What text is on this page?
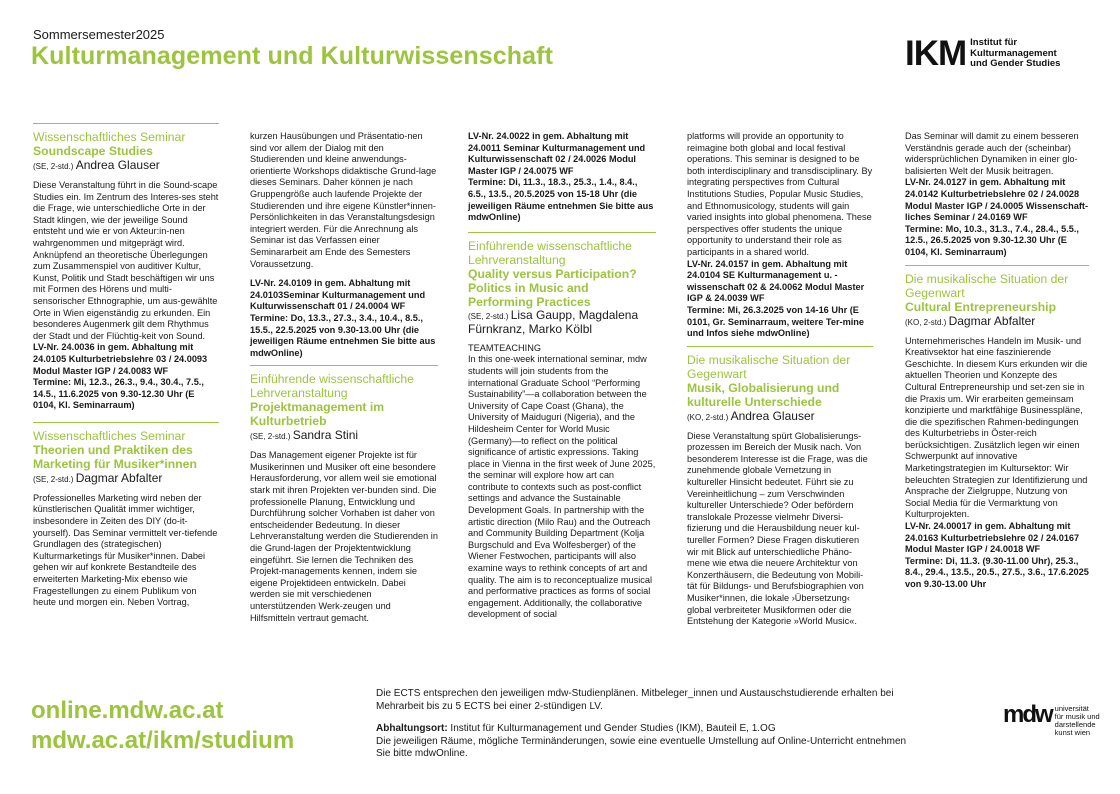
Sommersemester2025
Kulturmanagement und Kulturwissenschaft	IKM Institut für
Kulturmanagement
und Gender Studies
Wissenschaftliches Seminar
Soundscape Studies
(SE, 2-std.) Andrea Glauser

Diese Veranstaltung führt in die Sound-scape Studies ein. Im Zentrum des Interes-ses steht die Frage, wie unterschiedliche Orte in der Stadt klingen, wie der jeweilige Sound entsteht und wie er von Akteur:in-nen wahrgenommen und mitgeprägt wird. Anknüpfend an theoretische Überlegungen zum Zusammenspiel von auditiver Kultur, Kunst, Politik und Stadt beschäftigen wir uns mit Formen des Hörens und multi-sensorischer Ethnographie, um aus-gewählte Orte in Wien eigenständig zu erkunden. Ein besonderes Augenmerk gilt dem Rhythmus der Stadt und der Flüchtig-keit von Sound.

LV-Nr. 24.0036 in gem. Abhaltung mit 24.0105 Kulturbetriebslehre 03 / 24.0093 Modul Master IGP / 24.0083 WF

Termine: Mi, 12.3., 26.3., 9.4., 30.4., 7.5., 14.5., 11.6.2025 von 9.30-12.30 Uhr (E 0104, Kl. Seminarraum)

Wissenschaftliches Seminar
Theorien und Praktiken des
Marketing für Musiker*innen
(SE, 2-std.) Dagmar Abfalter

Professionelles Marketing wird neben der künstlerischen Qualität immer wichtiger, insbesondere in Zeiten des DIY (do-it-yourself). Das Seminar vermittelt ver-tiefende Grundlagen des (strategischen) Kulturmarketings für Musiker*innen. Dabei gehen wir auf konkrete Bestandteile des erweiterten Marketing-Mix ebenso wie Fragestellungen zu einem Publikum von heute und morgen ein. Neben Vortrag,

kurzen Hausübungen und Präsentatio-nen sind vor allem der Dialog mit den Studierenden und kleine anwendungs-orientierte Workshops didaktische Grund-lage dieses Seminars. Daher können je nach Gruppengröße auch laufende Projekte der Studierenden und ihre eigene Künstler*innen-Persönlichkeiten in das Veranstaltungsdesign integriert werden. Für die Anrechnung als Seminar ist das Verfassen einer Seminararbeit am Ende des Semesters Voraussetzung.

LV-Nr. 24.0109 in gem. Abhaltung mit 24.0103Seminar Kulturmanagement und Kulturwissenschaft 01 / 24.0004 WF

Termine: Do, 13.3., 27.3., 3.4., 10.4., 8.5., 15.5., 22.5.2025 von 9.30-13.00 Uhr (die jeweiligen Räume entnehmen Sie bitte aus mdwOnline)

Einführende wissenschaftliche Lehrveranstaltung
Projektmanagement im
Kulturbetrieb
(SE, 2-std.) Sandra Stini

Das Management eigener Projekte ist für Musikerinnen und Musiker oft eine besondere Herausforderung, vor allem weil sie emotional stark mit ihren Projekten ver-bunden sind. Die professionelle Planung, Entwicklung und Durchführung solcher Vorhaben ist daher von entscheidender Bedeutung. In dieser Lehrveranstaltung werden die Studierenden in die Grund-lagen der Projektentwicklung eingeführt. Sie lernen die Techniken des Projekt-managements kennen, indem sie eigene Projektideen entwickeln. Dabei werden sie mit verschiedenen unterstützenden Werk-zeugen und Hilfsmitteln vertraut gemacht.

LV-Nr. 24.0022 in gem. Abhaltung mit 24.0011 Seminar Kulturmanagement und Kulturwissenschaft 02 / 24.0026 Modul Master IGP / 24.0075 WF

Termine: Di, 11.3., 18.3., 25.3., 1.4., 8.4., 6.5., 13.5., 20.5.2025 von 15-18 Uhr (die jeweiligen Räume entnehmen Sie bitte aus mdwOnline)

Einführende wissenschaftliche Lehrveranstaltung
Quality versus Participation?
Politics in Music and
Performing Practices
(SE, 2-std.) Lisa Gaupp, Magdalena Fürnkranz, Marko Kölbl

TEAMTEACHING

In this one-week international seminar, mdw students will join students from the international Graduate School “Performing Sustainability”—a collaboration between the University of Cape Coast (Ghana), the University of Maiduguri (Nigeria), and the Hildesheim Center for World Music (Germany)—to reflect on the political significance of artistic expressions. Taking place in Vienna in the first week of June 2025, the seminar will explore how art can contribute to contexts such as post-conflict settings and advance the Sustainable Development Goals. In partnership with the artistic direction (Milo Rau) and the Outreach and Community Building Department (Kolja Burgschuld and Eva Wolfesberger) of the Wiener Festwochen, participants will also examine ways to rethink concepts of art and quality. The aim is to reconceptualize musical and performative practices as forms of social engagement. Additionally, the collaborative development of social

platforms will provide an opportunity to reimagine both global and local festival operations. This seminar is designed to be both interdisciplinary and transdisciplinary. By integrating perspectives from Cultural Institutions Studies, Popular Music Studies, and Ethnomusicology, students will gain varied insights into global phenomena. These perspectives offer students the unique opportunity to understand their role as participants in a shared world.

LV-Nr. 24.0157 in gem. Abhaltung mit 24.0104 SE Kulturmanagement u. -wissenschaft 02 & 24.0062 Modul Master IGP & 24.0039 WF

Termine: Mi, 26.3.2025 von 14-16 Uhr (E 0101, Gr. Seminarraum, weitere Ter-mine und Infos siehe mdwOnline)

Die musikalische Situation der Gegenwart
Musik, Globalisierung und
kulturelle Unterschiede
(KO, 2-std.) Andrea Glauser

Diese Veranstaltung spürt Globalisierungs-prozessen im Bereich der Musik nach. Von besonderem Interesse ist die Frage, was die zunehmende globale Vernetzung in kultureller Hinsicht bedeutet. Führt sie zu Vereinheitlichung – zum Verschwinden kultureller Unterschiede? Oder befördern translokale Prozesse vielmehr Diversi-fizierung und die Herausbildung neuer kul-tureller Formen? Diese Fragen diskutieren wir mit Blick auf unterschiedliche Phäno-mene wie etwa die neuere Architektur von Konzerthäusern, die Bedeutung von Mobili-tät für Bildungs- und Berufsbiographien von Musiker*innen, die lokale ›Übersetzung‹ global verbreiteter Musikformen oder die Entstehung der Kategorie »World Music«.

Das Seminar will damit zu einem besseren Verständnis gerade auch der (scheinbar) widersprüchlichen Dynamiken in einer glo-balisierten Welt der Musik beitragen.

LV-Nr. 24.0127 in gem. Abhaltung mit 24.0142 Kulturbetriebslehre 02 / 24.0028 Modul Master IGP / 24.0005 Wissenschaft-liches Seminar / 24.0169 WF

Termine: Mo, 10.3., 31.3., 7.4., 28.4., 5.5., 12.5., 26.5.2025 von 9.30-12.30 Uhr (E 0104, Kl. Seminarraum)

Die musikalische Situation der Gegenwart
Cultural Entrepreneurship
(KO, 2-std.) Dagmar Abfalter

Unternehmerisches Handeln im Musik- und Kreativsektor hat eine faszinierende Geschichte. In diesem Kurs erkunden wir die aktuellen Theorien und Konzepte des Cultural Entrepreneurship und set-zen sie in die Praxis um. Wir erarbeiten gemeinsam konzipierte und marktfähige Businesspläne, die die spezifischen Rahmen-bedingungen des Kulturbetriebs in Öster-reich berücksichtigen. Zusätzlich legen wir einen Schwerpunkt auf innovative Marketingstrategien im Kultursektor: Wir beleuchten Strategien zur Identifizierung und Ansprache der Zielgruppe, Nutzung von Social Media für die Vermarktung von Kulturprojekten.

LV-Nr. 24.00017 in gem. Abhaltung mit 24.0163 Kulturbetriebslehre 02 / 24.0167 Modul Master IGP / 24.0018 WF

Termine: Di, 11.3. (9.30-11.00 Uhr), 25.3., 8.4., 29.4., 13.5., 20.5., 27.5., 3.6., 17.6.2025 von 9.30-13.00 Uhr

online.mdw.ac.at
mdw.ac.at/ikm/studium

Die ECTS entsprechen den jeweiligen mdw-Studienplänen. Mitbeleger_innen und Austauschstudierende erhalten bei Mehrarbeit bis zu 5 ECTS bei einer 2-stündigen LV.

Abhaltungsort: Institut für Kulturmanagement und Gender Studies (IKM), Bauteil E, 1.OG

Die jeweiligen Räume, mögliche Terminänderungen, sowie eine eventuelle Umstellung auf Online-Unterricht entnehmen Sie bitte mdwOnline.

mdw universität
für musik und
darstellende
kunst wien
